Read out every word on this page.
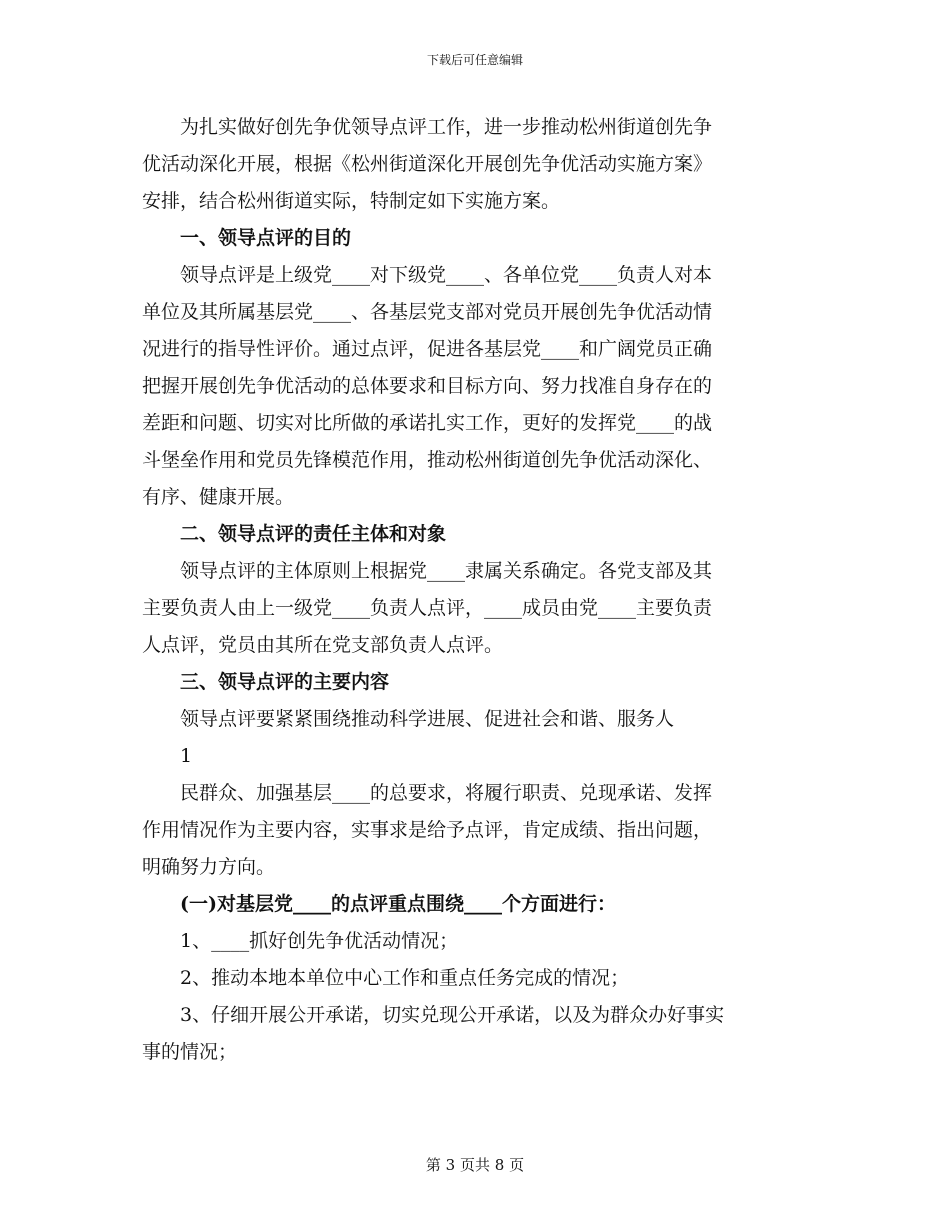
下载后可任意编辑
　　为扎实做好创先争优领导点评工作，进一步推动松州街道创先争
优活动深化开展，根据《松州街道深化开展创先争优活动实施方案》
安排，结合松州街道实际，特制定如下实施方案。
　　一、领导点评的目的
　　领导点评是上级党____对下级党____、各单位党____负责人对本
单位及其所属基层党____、各基层党支部对党员开展创先争优活动情
况进行的指导性评价。通过点评，促进各基层党____和广阔党员正确
把握开展创先争优活动的总体要求和目标方向、努力找准自身存在的
差距和问题、切实对比所做的承诺扎实工作，更好的发挥党____的战
斗堡垒作用和党员先锋模范作用，推动松州街道创先争优活动深化、
有序、健康开展。
　　二、领导点评的责任主体和对象
　　领导点评的主体原则上根据党____隶属关系确定。各党支部及其
主要负责人由上一级党____负责人点评，____成员由党____主要负责
人点评，党员由其所在党支部负责人点评。
　　三、领导点评的主要内容
　　领导点评要紧紧围绕推动科学进展、促进社会和谐、服务人
　　1
　　民群众、加强基层____的总要求，将履行职责、兑现承诺、发挥
作用情况作为主要内容，实事求是给予点评，肯定成绩、指出问题，
明确努力方向。
　　(一)对基层党____的点评重点围绕____个方面进行：
　　1、____抓好创先争优活动情况；
　　2、推动本地本单位中心工作和重点任务完成的情况；
　　3、仔细开展公开承诺，切实兑现公开承诺，以及为群众办好事实
事的情况；
第 3 页共 8 页
